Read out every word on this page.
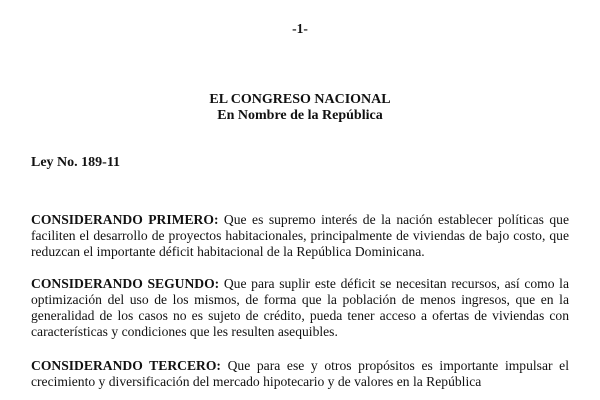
-1-
EL CONGRESO NACIONAL
En Nombre de la República
Ley No. 189-11

CONSIDERANDO PRIMERO: Que es supremo interés de la nación establecer políticas que faciliten el desarrollo de proyectos habitacionales, principalmente de viviendas de bajo costo, que reduzcan el importante déficit habitacional de la República Dominicana.

CONSIDERANDO SEGUNDO: Que para suplir este déficit se necesitan recursos, así como la optimización del uso de los mismos, de forma que la población de menos ingresos, que en la generalidad de los casos no es sujeto de crédito, pueda tener acceso a ofertas de viviendas con características y condiciones que les resulten asequibles.

CONSIDERANDO TERCERO: Que para ese y otros propósitos es importante impulsar el crecimiento y diversificación del mercado hipotecario y de valores en la República
